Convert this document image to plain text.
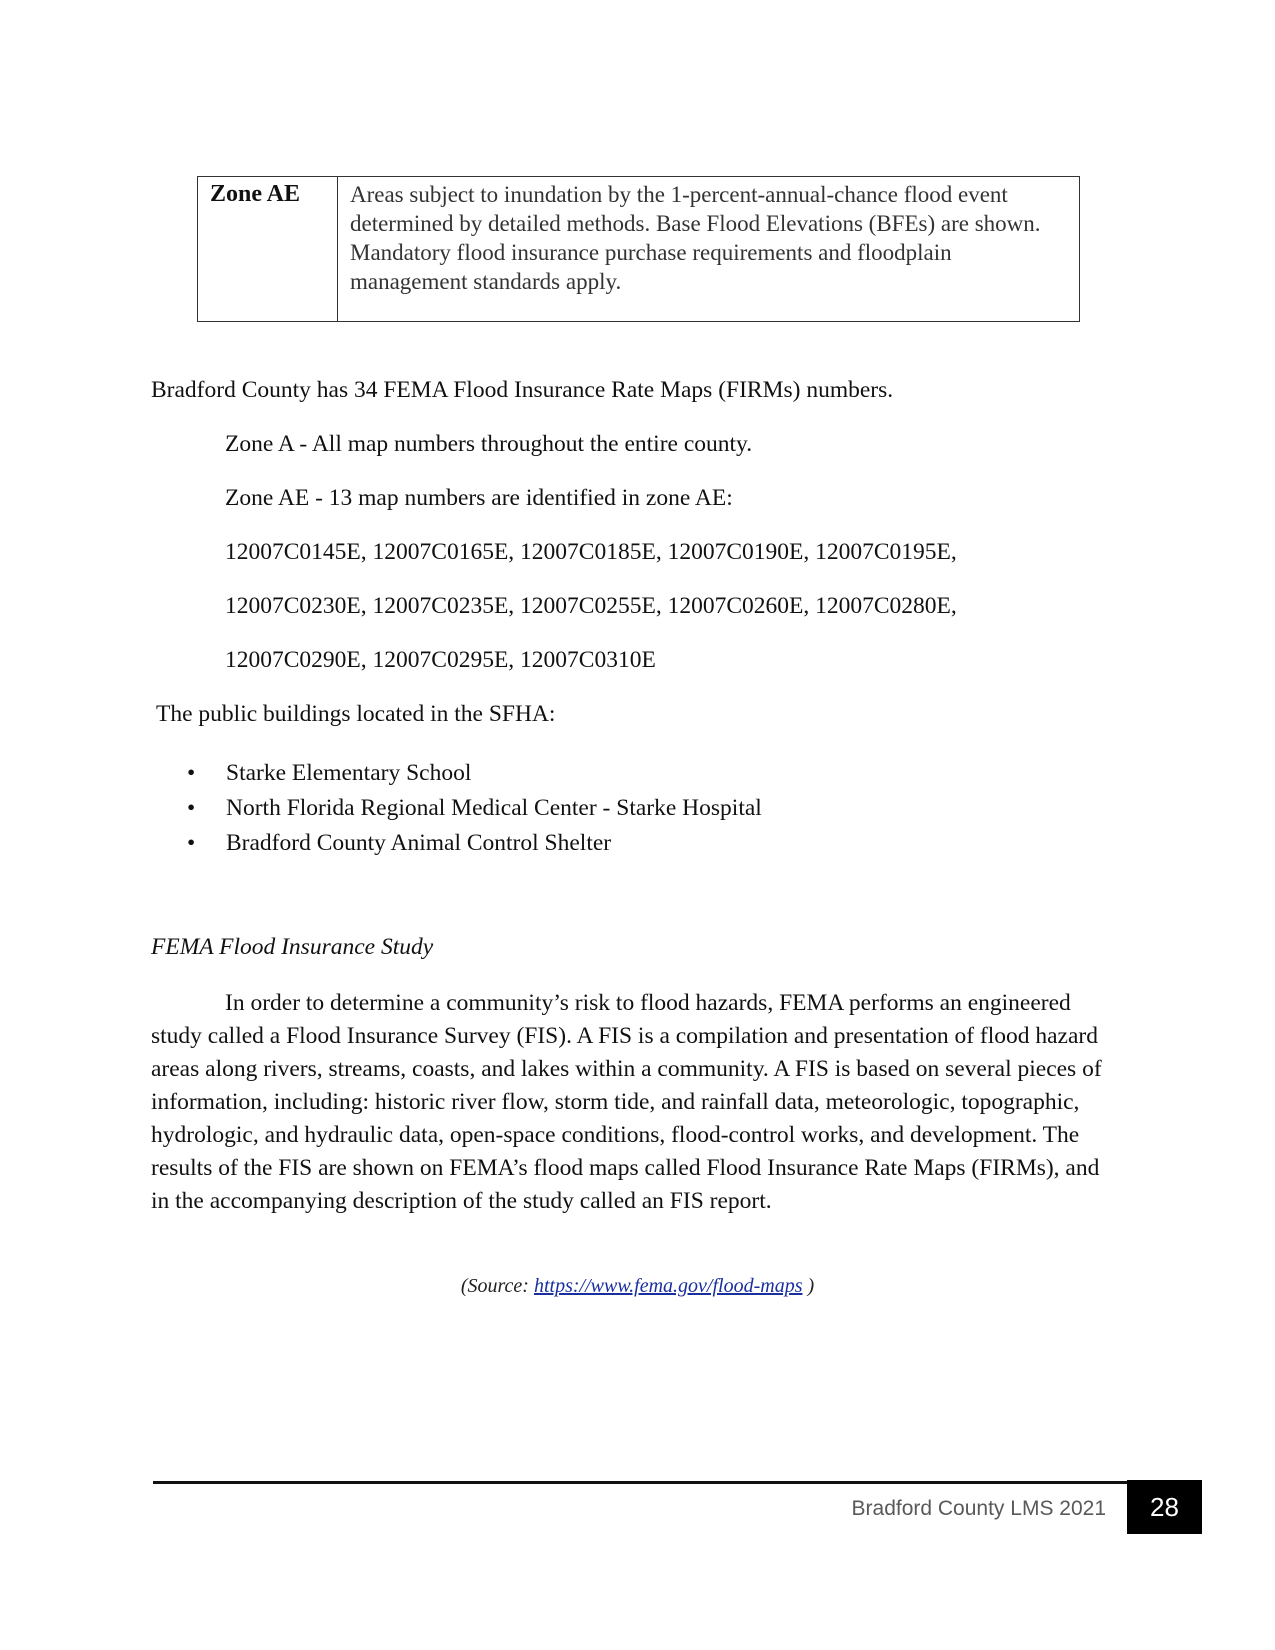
Zone AE	Areas subject to inundation by the 1-percent-annual-chance flood event determined by detailed methods. Base Flood Elevations (BFEs) are shown. Mandatory flood insurance purchase requirements and floodplain management standards apply.
Bradford County has 34 FEMA Flood Insurance Rate Maps (FIRMs) numbers.
Zone A - All map numbers throughout the entire county.
Zone AE - 13 map numbers are identified in zone AE:
12007C0145E, 12007C0165E, 12007C0185E, 12007C0190E, 12007C0195E,
12007C0230E, 12007C0235E, 12007C0255E, 12007C0260E, 12007C0280E,
12007C0290E, 12007C0295E, 12007C0310E
The public buildings located in the SFHA:
• Starke Elementary School
• North Florida Regional Medical Center - Starke Hospital
• Bradford County Animal Control Shelter
FEMA Flood Insurance Study
In order to determine a community’s risk to flood hazards, FEMA performs an engineered study called a Flood Insurance Survey (FIS). A FIS is a compilation and presentation of flood hazard areas along rivers, streams, coasts, and lakes within a community. A FIS is based on several pieces of information, including: historic river flow, storm tide, and rainfall data, meteorologic, topographic, hydrologic, and hydraulic data, open-space conditions, flood-control works, and development. The results of the FIS are shown on FEMA’s flood maps called Flood Insurance Rate Maps (FIRMs), and in the accompanying description of the study called an FIS report.
(Source: https://www.fema.gov/flood-maps )
Bradford County LMS 2021	28
